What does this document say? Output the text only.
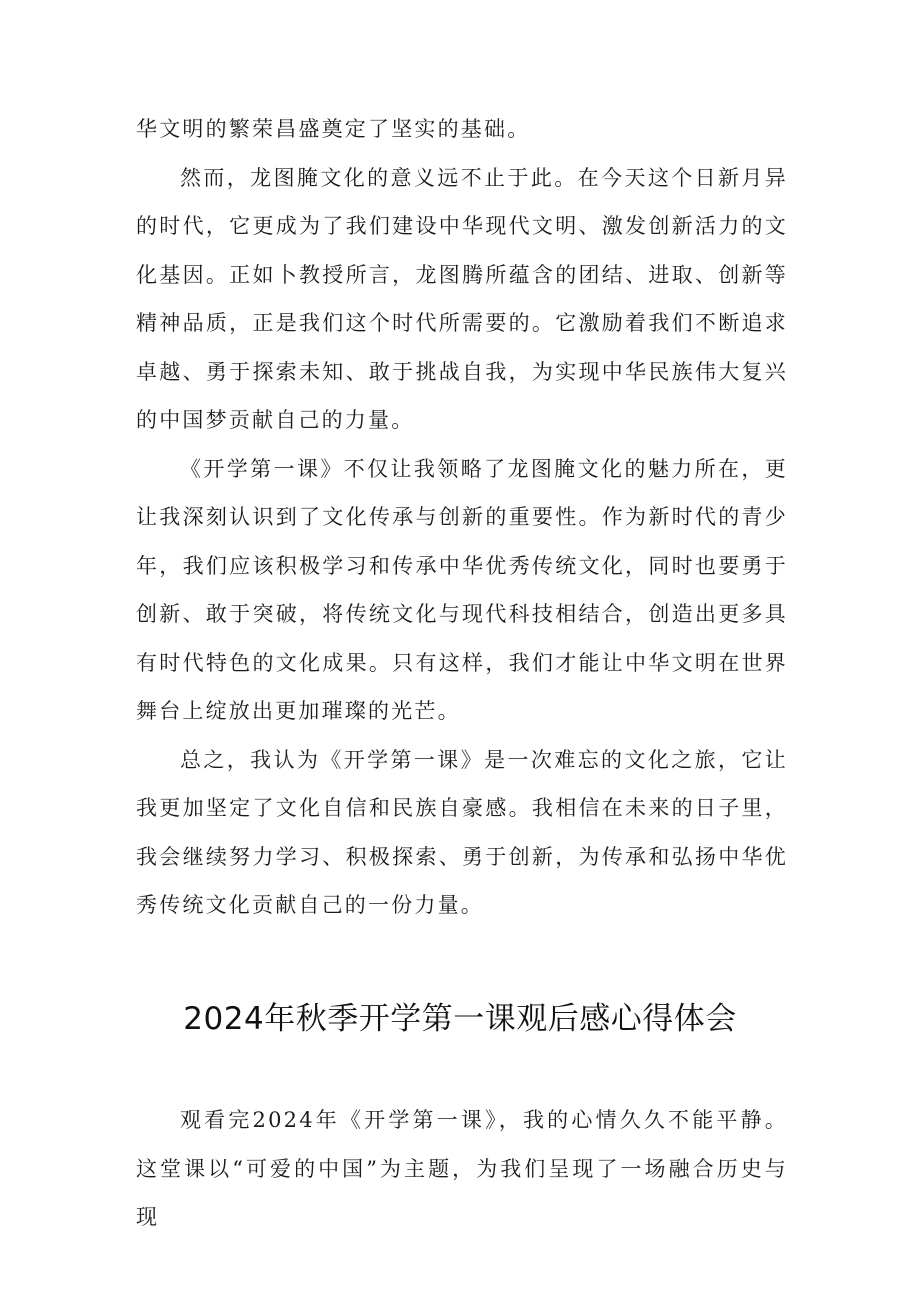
华文明的繁荣昌盛奠定了坚实的基础。

然而，龙图腌文化的意义远不止于此。在今天这个日新月异的时代，它更成为了我们建设中华现代文明、激发创新活力的文化基因。正如卜教授所言，龙图腾所蕴含的团结、进取、创新等精神品质，正是我们这个时代所需要的。它激励着我们不断追求卓越、勇于探索未知、敢于挑战自我，为实现中华民族伟大复兴的中国梦贡献自己的力量。

《开学第一课》不仅让我领略了龙图腌文化的魅力所在，更让我深刻认识到了文化传承与创新的重要性。作为新时代的青少年，我们应该积极学习和传承中华优秀传统文化，同时也要勇于创新、敢于突破，将传统文化与现代科技相结合，创造出更多具有时代特色的文化成果。只有这样，我们才能让中华文明在世界舞台上绽放出更加璀璨的光芒。

总之，我认为《开学第一课》是一次难忘的文化之旅，它让我更加坚定了文化自信和民族自豪感。我相信在未来的日子里，我会继续努力学习、积极探索、勇于创新，为传承和弘扬中华优秀传统文化贡献自己的一份力量。

2024年秋季开学第一课观后感心得体会

观看完2024年《开学第一课》，我的心情久久不能平静。这堂课以“可爱的中国”为主题，为我们呈现了一场融合历史与现
